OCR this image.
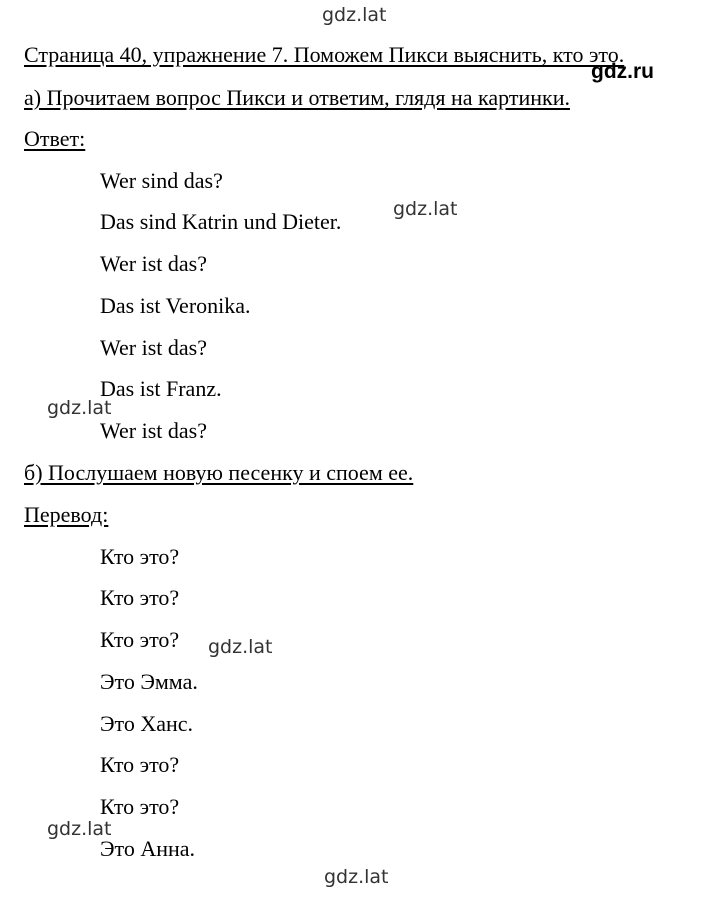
gdz.lat
Страница 40, упражнение 7. Поможем Пикси выяснить, кто это.
gdz.ru
а) Прочитаем вопрос Пикси и ответим, глядя на картинки.
Ответ:
Wer sind das?
Das sind Katrin und Dieter.
Wer ist das?
Das ist Veronika.
Wer ist das?
Das ist Franz.
Wer ist das?
gdz.lat
gdz.lat
б) Послушаем новую песенку и споем ее.
Перевод:
Кто это?
Кто это?
Кто это?
Это Эмма.
Это Ханс.
Кто это?
Кто это?
Это Анна.
gdz.lat
gdz.lat
gdz.lat
